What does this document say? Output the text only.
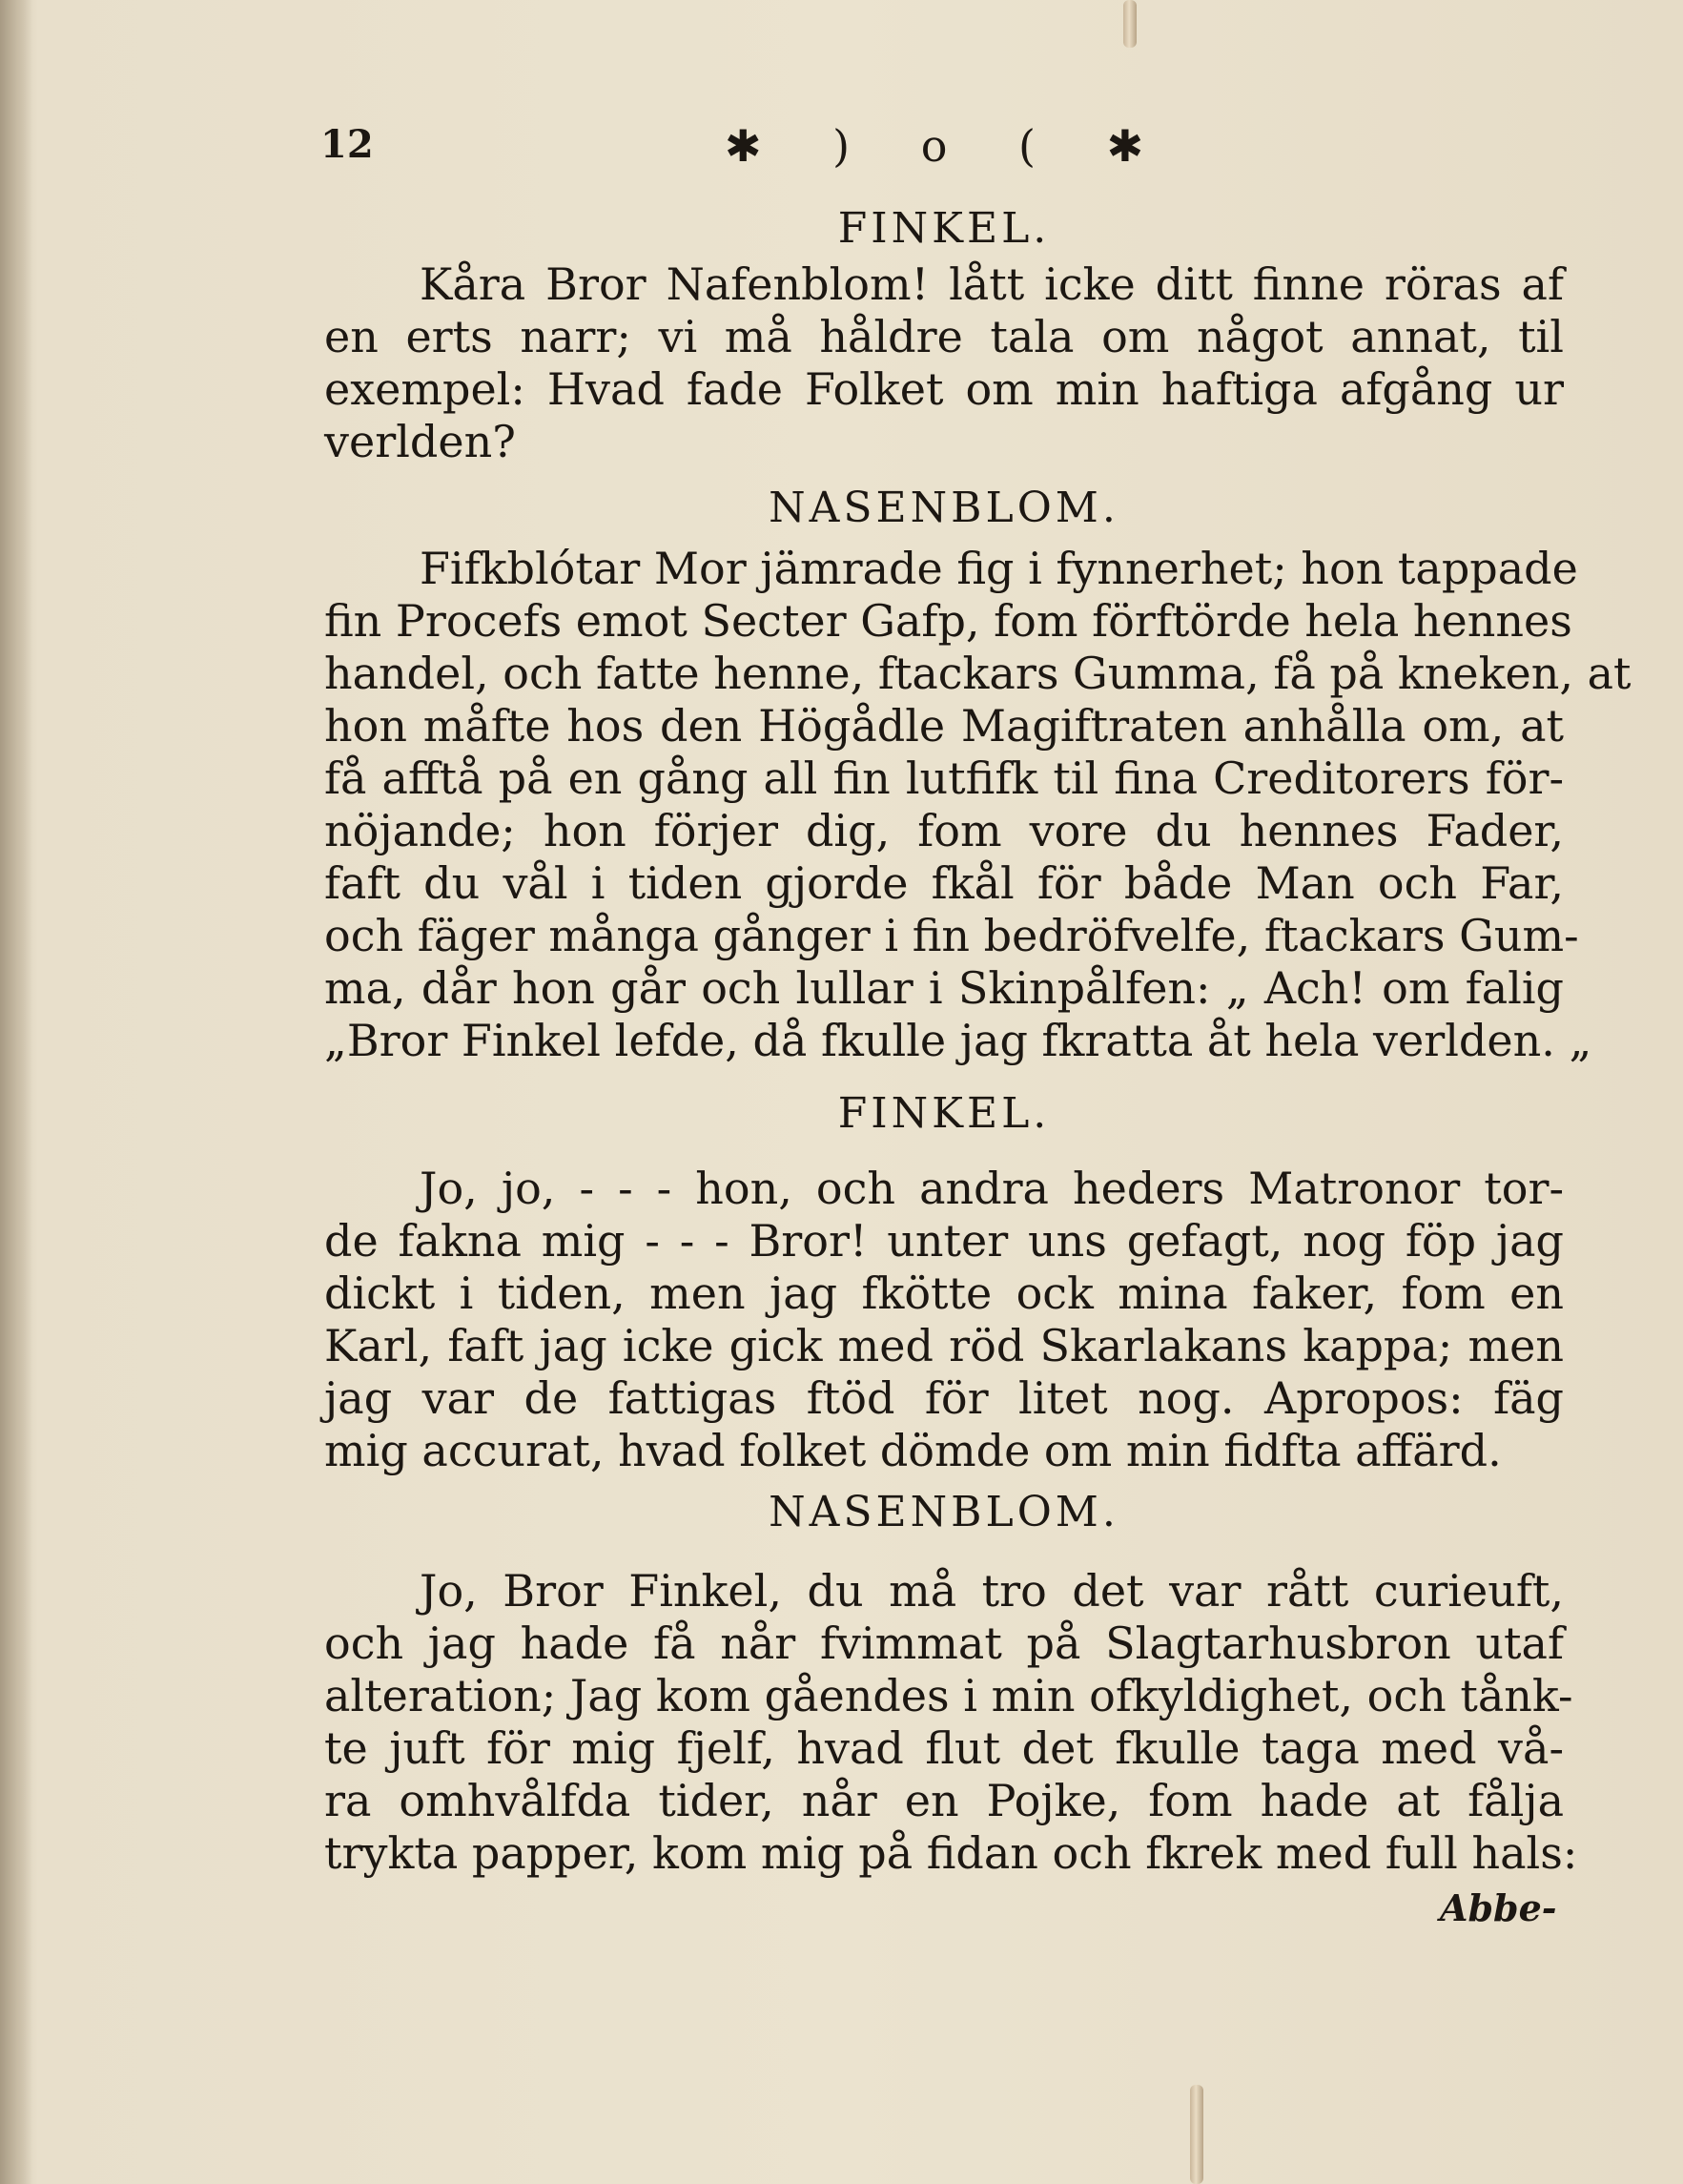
12	✱ ) o ( ✱
FINKEL.
Kåra Bror Nafenblom! lått icke ditt finne röras af
en erts narr; vi må håldre tala om något annat, til
exempel: Hvad fade Folket om min haftiga afgång ur
verlden?
NASENBLOM.
Fifkblótar Mor jämrade fig i fynnerhet; hon tappade
fin Procefs emot Secter Gafp, fom förftörde hela hennes
handel, och fatte henne, ftackars Gumma, få på kneken, at
hon måfte hos den Högådle Magiftraten anhålla om, at
få afftå på en gång all fin lutfifk til fina Creditorers för-
nöjande; hon förjer dig, fom vore du hennes Fader,
faft du vål i tiden gjorde fkål för både Man och Far,
och fäger många gånger i fin bedröfvelfe, ftackars Gum-
ma, dår hon går och lullar i Skinpålfen: „ Ach! om falig
„Bror Finkel lefde, då fkulle jag fkratta åt hela verlden. „
FINKEL.
Jo, jo, - - - hon, och andra heders Matronor tor-
de fakna mig - - - Bror! unter uns gefagt, nog föp jag
dickt i tiden, men jag fkötte ock mina faker, fom en
Karl, faft jag icke gick med röd Skarlakans kappa; men
jag var de fattigas ftöd för litet nog. Apropos: fäg
mig accurat, hvad folket dömde om min fidfta affärd.
NASENBLOM.
Jo, Bror Finkel, du må tro det var rått curieuft,
och jag hade få når fvimmat på Slagtarhusbron utaf
alteration; Jag kom gåendes i min ofkyldighet, och tånk-
te juft för mig fjelf, hvad flut det fkulle taga med vå-
ra omhvålfda tider, når en Pojke, fom hade at fålja
trykta papper, kom mig på fidan och fkrek med full hals:
Abbe-
